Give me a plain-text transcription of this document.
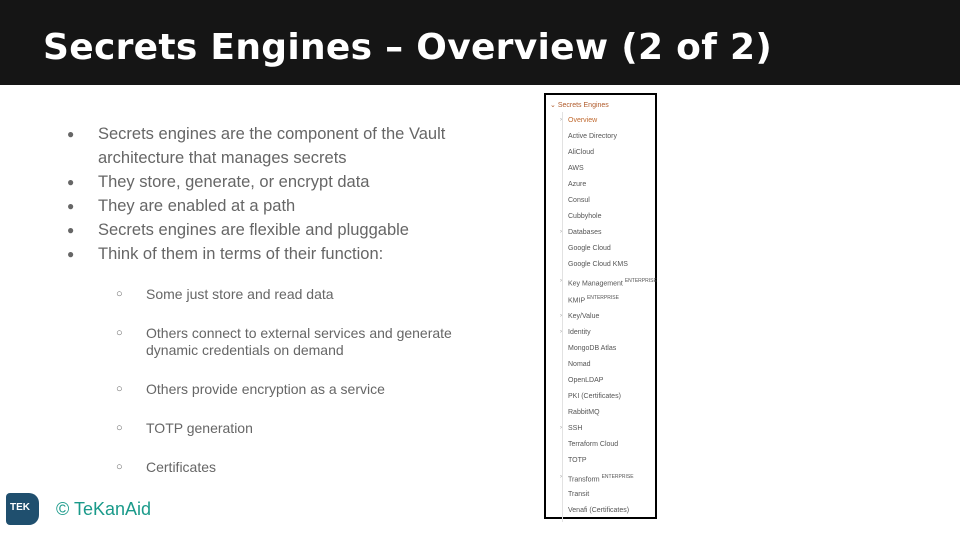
Secrets Engines – Overview (2 of 2)
● Secrets engines are the component of the Vault architecture that manages secrets
● They store, generate, or encrypt data
● They are enabled at a path
● Secrets engines are flexible and pluggable
● Think of them in terms of their function:
○ Some just store and read data
○ Others connect to external services and generate dynamic credentials on demand
○ Others provide encryption as a service
○ TOTP generation
○ Certificates
⌄ Secrets Engines
› Overview
Active Directory
AliCloud
AWS
Azure
Consul
Cubbyhole
› Databases
Google Cloud
Google Cloud KMS
› Key Management $^{ENTERPRISE}$
KMIP $^{ENTERPRISE}$
› Key/Value
› Identity
MongoDB Atlas
Nomad
OpenLDAP
PKI (Certificates)
RabbitMQ
› SSH
Terraform Cloud
TOTP
› Transform $^{ENTERPRISE}$
Transit
Venafi (Certificates)
TEK © TeKanAid
